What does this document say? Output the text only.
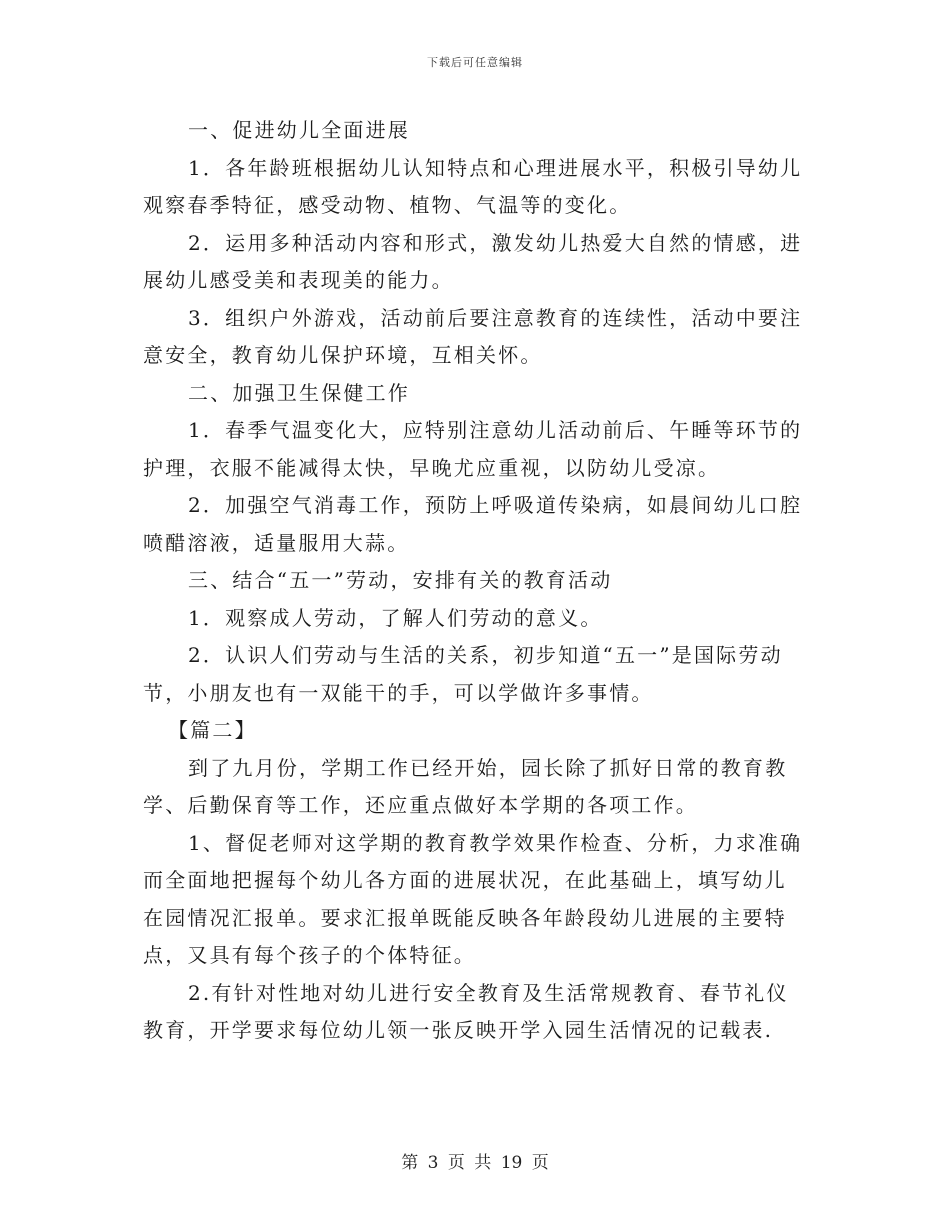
下载后可任意编辑

一、促进幼儿全面进展

1．各年龄班根据幼儿认知特点和心理进展水平，积极引导幼儿观察春季特征，感受动物、植物、气温等的变化。

2．运用多种活动内容和形式，激发幼儿热爱大自然的情感，进展幼儿感受美和表现美的能力。

3．组织户外游戏，活动前后要注意教育的连续性，活动中要注意安全，教育幼儿保护环境，互相关怀。

二、加强卫生保健工作

1．春季气温变化大，应特别注意幼儿活动前后、午睡等环节的护理，衣服不能减得太快，早晚尤应重视，以防幼儿受凉。

2．加强空气消毒工作，预防上呼吸道传染病，如晨间幼儿口腔喷醋溶液，适量服用大蒜。

三、结合“五一”劳动，安排有关的教育活动

1．观察成人劳动，了解人们劳动的意义。

2．认识人们劳动与生活的关系，初步知道“五一”是国际劳动节，小朋友也有一双能干的手，可以学做许多事情。

【篇二】

到了九月份，学期工作已经开始，园长除了抓好日常的教育教学、后勤保育等工作，还应重点做好本学期的各项工作。

1、督促老师对这学期的教育教学效果作检查、分析，力求准确而全面地把握每个幼儿各方面的进展状况，在此基础上，填写幼儿在园情况汇报单。要求汇报单既能反映各年龄段幼儿进展的主要特点，又具有每个孩子的个体特征。

2.有针对性地对幼儿进行安全教育及生活常规教育、春节礼仪教育，开学要求每位幼儿领一张反映开学入园生活情况的记载表.

第 3 页 共 19 页
